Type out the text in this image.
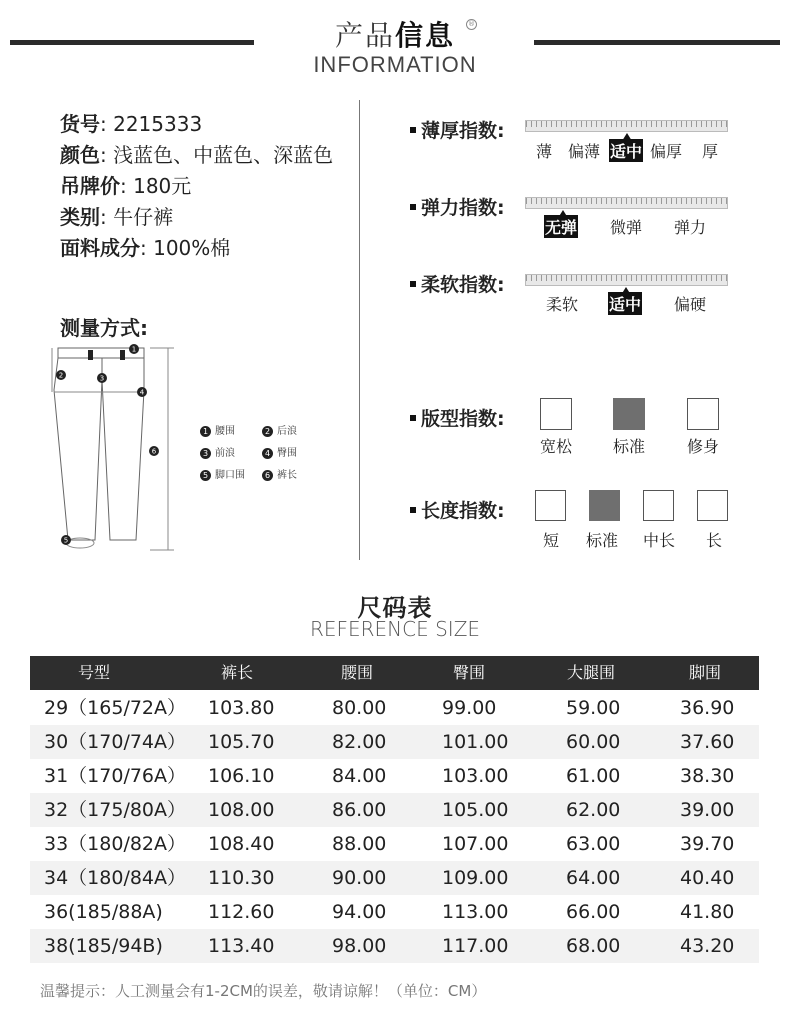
产品信息	®
INFORMATION
货号: 2215333
颜色: 浅蓝色、中蓝色、深蓝色
吊牌价: 180元
类别: 牛仔裤
面料成分: 100%棉
测量方式:
1
2	3
4
5
6
1 腰围	2 后浪
3 前浪	4 臀围
5 脚口围	6 裤长
薄厚指数:
薄 偏薄 适中 偏厚 厚
弹力指数:
无弹 微弹 弹力
柔软指数:
柔软 适中 偏硬
版型指数:
宽松	标准	修身
长度指数:
短 标准 中长 长
尺码表
REFERENCE SIZE
号型	裤长	腰围	臀围	大腿围	脚围
29（165/72A） 103.80	80.00	99.00	59.00	36.90
30（170/74A） 105.70	82.00	101.00	60.00	37.60
31（170/76A） 106.10	84.00	103.00	61.00	38.30
32（175/80A） 108.00	86.00	105.00	62.00	39.00
33（180/82A） 108.40	88.00	107.00	63.00	39.70
34（180/84A） 110.30	90.00	109.00	64.00	40.40
36(185/88A) 112.60	94.00	113.00	66.00	41.80
38(185/94B) 113.40	98.00	117.00	68.00	43.20
温馨提示：人工测量会有1-2CM的误差，敬请谅解！（单位：CM）
